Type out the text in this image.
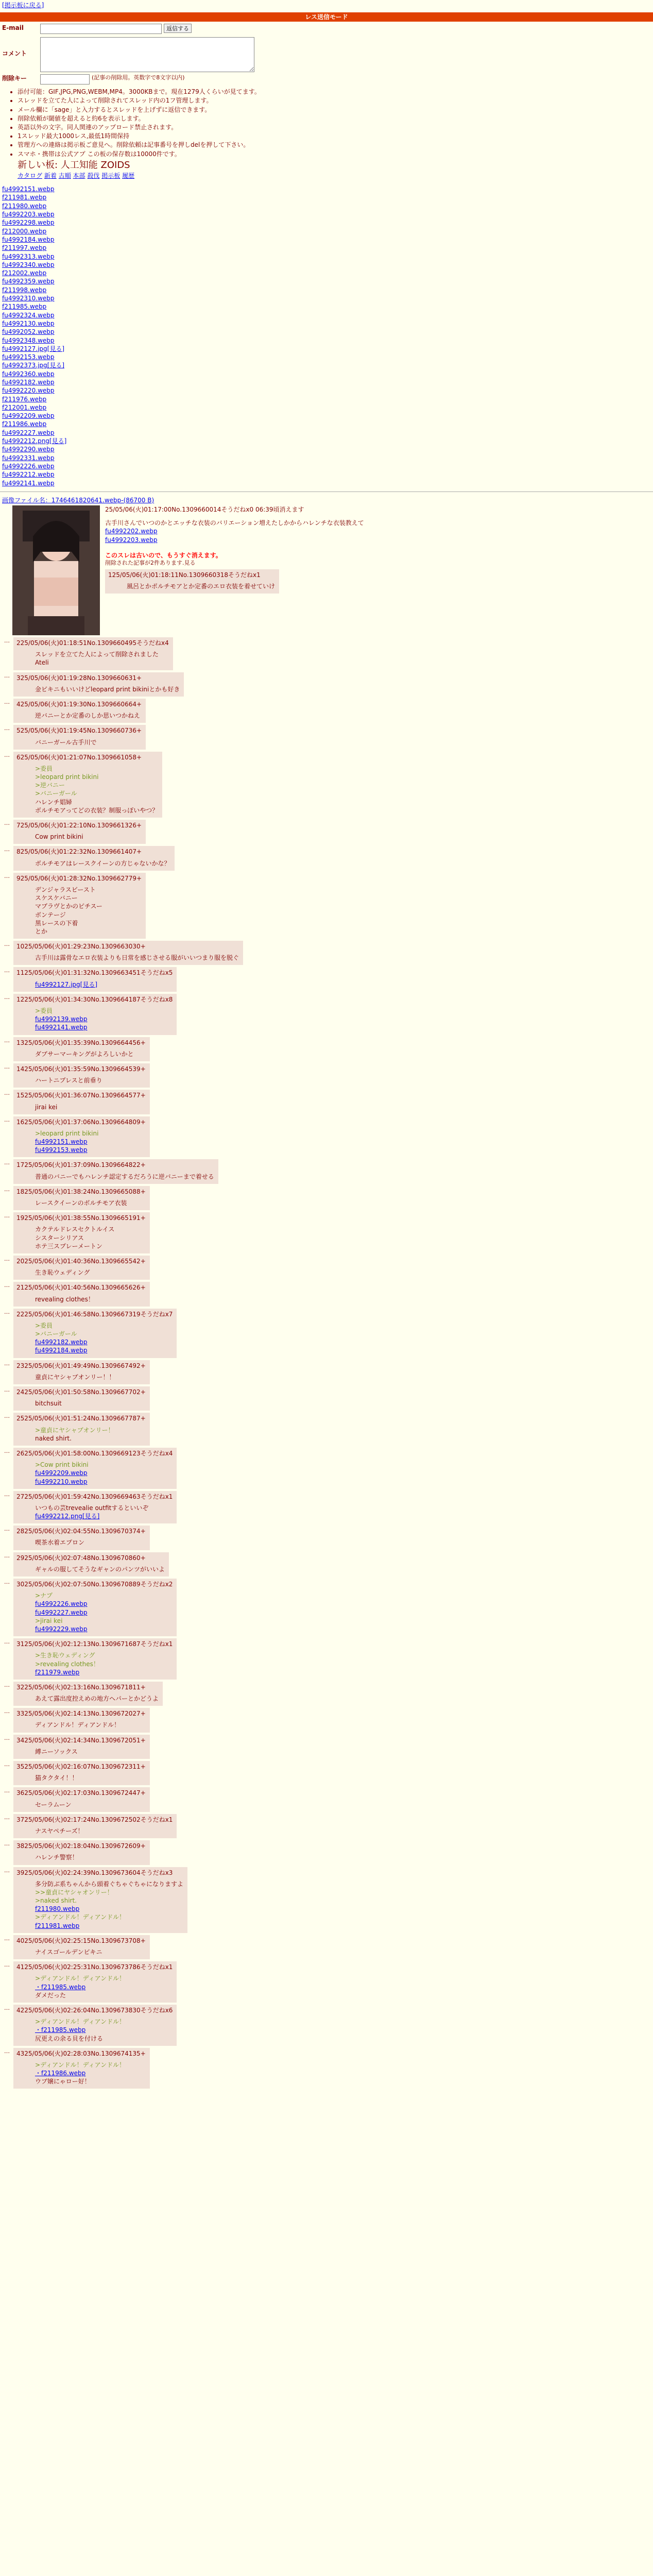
[掲示板に戻る]
レス送信モード
E-mail	返信する
コメント
削除キー	(記事の削除用。英数字で8文字以内)
• 添付可能：GIF,JPG,PNG,WEBM,MP4。3000KBまで。現在1279人くらいが見てます。
• スレッドを立てた人によって削除されてスレッド内の1フ管理します。
• メール欄に「sage」と入力するとスレッドを上げずに返信できます。
• 削除依頼が閾値を超えると約6を表示します。
• 英語以外の文字。同人関連のアップロード禁止されます。
• 1スレッド最大1000レス,最低1時間保持
• 管理方への連絡は掲示板ご意見へ。削除依頼は記事番号を押しdelを押して下さい。
• スマホ・携帯は公式アプ この板の保存数は10000件です。
新しい板: 人工知能 ZOIDS
カタログ 新着 古順 本部 殺伐 掲示板 履歴
fu4992151.webp
f211981.webp
f211980.webp
fu4992203.webp
fu4992298.webp
f212000.webp
fu4992184.webp
f211997.webp
fu4992313.webp
fu4992340.webp
f212002.webp
fu4992359.webp
f211998.webp
fu4992310.webp
f211985.webp
fu4992324.webp
fu4992130.webp
fu4992052.webp
fu4992348.webp
fu4992127.jpg[見る]
fu4992153.webp
fu4992373.jpg[見る]
fu4992360.webp
fu4992182.webp
fu4992220.webp
f211976.webp
f212001.webp
fu4992209.webp
f211986.webp
fu4992227.webp
fu4992212.png[見る]
fu4992290.webp
fu4992331.webp
fu4992226.webp
fu4992212.webp
fu4992141.webp
画像ファイル名：1746461820641.webp-(86700 B)
25/05/06(火)01:17:00No.1309660014そうだねx0 06:39頃消えます
古手川さんでいつのかとエッチな衣装のバリエーション増えたしかからハレンチな衣装教えて
fu4992202.webp
fu4992203.webp
このスレは古いので、もうすぐ消えます。
削除された記事が2件あります.見る
125/05/06(火)01:18:11No.1309660318そうだねx1
風呂とかポルチモアとか定番のエロ衣装を着せていけ
…	225/05/06(火)01:18:51No.1309660495そうだねx4
スレッドを立てた人によって削除されました
Ateli
…	325/05/06(火)01:19:28No.1309660631+
金ビキニもいいけどleopard print bikiniとかも好き
…	425/05/06(火)01:19:30No.1309660664+
逆バニーとか定番のしか思いつかねえ
…	525/05/06(火)01:19:45No.1309660736+
バニーガール古手川で
…	625/05/06(火)01:21:07No.1309661058+
>委員
>leopard print bikini
>逆バニー
>バニーガール
ハレンチ娼婦
ボルチモアってどの衣装？制服っぽいやつ？
…	725/05/06(火)01:22:10No.1309661326+
Cow print bikini
…	825/05/06(火)01:22:32No.1309661407+
ボルチモアはレースクイーンの方じゃないかな？
…	925/05/06(火)01:28:32No.1309662779+
デンジャラスビースト
スケスケバニー
マブラヴとかのピチスー
ボンテージ
黒レースの下着
とか
…	1025/05/06(火)01:29:23No.1309663030+
古手川は露骨なエロ衣装よりも日常を感じさせる服がいいつまり服を脱ぐ
…	1125/05/06(火)01:31:32No.1309663451そうだねx5
fu4992127.jpg[見る]
…	1225/05/06(火)01:34:30No.1309664187そうだねx8
>委員
fu4992139.webp
fu4992141.webp
…	1325/05/06(火)01:35:39No.1309664456+
ダブサーマーキングがよろしいかと
…	1425/05/06(火)01:35:59No.1309664539+
ハートニプレスと前垂り
…	1525/05/06(火)01:36:07No.1309664577+
jirai kei
…	1625/05/06(火)01:37:06No.1309664809+
>leopard print bikini
fu4992151.webp
fu4992153.webp
…	1725/05/06(火)01:37:09No.1309664822+
普通のバニーでもハレンチ認定するだろうに逆バニーまで着せる
…	1825/05/06(火)01:38:24No.1309665088+
レースクイーンのボルチモア衣装
…	1925/05/06(火)01:38:55No.1309665191+
カクテルドレスセクトルイス
シスターシリアス
ホテ三スプレーメートン
…	2025/05/06(火)01:40:36No.1309665542+
生き恥ウェディング
…	2125/05/06(火)01:40:56No.1309665626+
revealing clothes！
…	2225/05/06(火)01:46:58No.1309667319そうだねx7
>委員
>バニーガール
fu4992182.webp
fu4992184.webp
…	2325/05/06(火)01:49:49No.1309667492+
童貞にヤシャブオンリー！！
…	2425/05/06(火)01:50:58No.1309667702+
bitchsuit
…	2525/05/06(火)01:51:24No.1309667787+
>童貞にヤシャブオンリー！
naked shirt.
…	2625/05/06(火)01:58:00No.1309669123そうだねx4
>Cow print bikini
fu4992209.webp
fu4992210.webp
…	2725/05/06(火)01:59:42No.1309669463そうだねx1
いつもの芸trevealie outfitするといいぞ
fu4992212.png[見る]
…	2825/05/06(火)02:04:55No.1309670374+
喫茶水着エプロン
…	2925/05/06(火)02:07:48No.1309670860+
ギャルの服してそうなギャンのパンツがいいよ
…	3025/05/06(火)02:07:50No.1309670889そうだねx2
>ナプ
fu4992226.webp
fu4992227.webp
>jirai kei
fu4992229.webp
…	3125/05/06(火)02:12:13No.1309671687そうだねx1
>生き恥ウェディング
>revealing clothes！
f211979.webp
…	3225/05/06(火)02:13:16No.1309671811+
あえて露出度控えめの地方ヘパーとかどうよ
…	3325/05/06(火)02:14:13No.1309672027+
ディアンドル！ディアンドル！
…	3425/05/06(火)02:14:34No.1309672051+
縛ニーソックス
…	3525/05/06(火)02:16:07No.1309672311+
猫タクタイ！！
…	3625/05/06(火)02:17:03No.1309672447+
セーラムーン
…	3725/05/06(火)02:17:24No.1309672502そうだねx1
ナスヤペチーズ！
…	3825/05/06(火)02:18:04No.1309672609+
ハレンチ警察！
…	3925/05/06(火)02:24:39No.1309673604そうだねx3
多分防ぶ系ちゃんから頭着ぐちゃぐちゃになりますよ
>>童貞にヤシャオンリー！
>naked shirt.
f211980.webp
>ディアンドル！ディアンドル！
f211981.webp
…	4025/05/06(火)02:25:15No.1309673708+
ナイスゴールデンビキニ
…	4125/05/06(火)02:25:31No.1309673786そうだねx1
>ディアンドル！ディアンドル！
・f211985.webp
ダメだった
…	4225/05/06(火)02:26:04No.1309673830そうだねx6
>ディアンドル！ディアンドル！
・f211985.webp
尻更えの余る貝を付ける
…	4325/05/06(火)02:28:03No.1309674135+
>ディアンドル！ディアンドル！
・f211986.webp
ウブ嬢にゃロー好！
